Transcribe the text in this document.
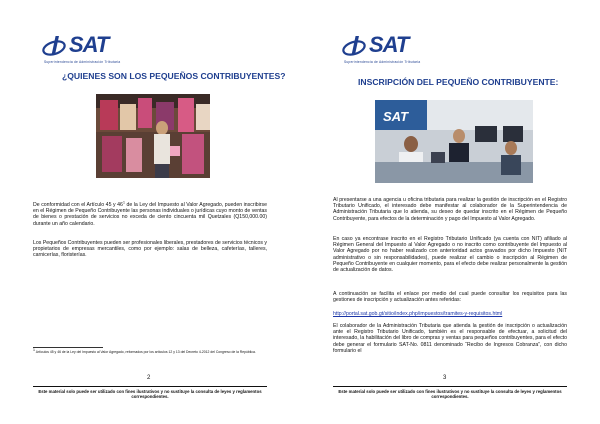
SAT
Superintendencia de Administración Tributaria
¿QUIENES SON LOS PEQUEÑOS CONTRIBUYENTES?

De conformidad con el Artículo 45 y $46^1$ de la Ley del Impuesto al Valor Agregado, pueden inscribirse en el Régimen de Pequeño Contribuyente las personas individuales o jurídicas cuyo monto de ventas de bienes o prestación de servicios no exceda de ciento cincuenta mil Quetzales (Q150,000.00) durante un año calendario.

Los Pequeños Contribuyentes pueden ser profesionales liberales, prestadores de servicios técnicos y propietarios de empresas mercantiles, como por ejemplo: salas de belleza, cafeterías, talleres, carnicerías, floristerías.

1 Artículos 45 y 46 de la Ley del Impuesto al Valor Agregado, reformados por los artículos 12 y 13 del Decreto 4-2012 del Congreso de la República.
2
Este material solo puede ser utilizado con fines ilustrativos y no sustituye la consulta de leyes y reglamentos correspondientes.
SAT
Superintendencia de Administración Tributaria
INSCRIPCIÓN DEL PEQUEÑO CONTRIBUYENTE:
SAT

Al presentarse a una agencia u oficina tributaria para realizar la gestión de inscripción en el Registro Tributario Unificado, el interesado debe manifestar al colaborador de la Superintendencia de Administración Tributaria que lo atienda, su deseo de quedar inscrito en el Régimen de Pequeño Contribuyente, para efectos de la determinación y pago del Impuesto al Valor Agregado.

En caso ya encontrase inscrito en el Registro Tributario Unificado (ya cuenta con NIT) afiliado al Régimen General del Impuesto al Valor Agregado o no inscrito como contribuyente del Impuesto al Valor Agregado por no haber realizado con anterioridad actos gravados por dicho Impuesto (NIT administrativo o sin responsabilidades), puede realizar el cambio o inscripción al Régimen de Pequeño Contribuyente en cualquier momento, para el efecto debe realizar personalmente la gestión de actualización de datos.

A continuación se facilita el enlace por medio del cual puede consultar los requisitos para las gestiones de inscripción y actualización antes referidas:

http://portal.sat.gob.gt/sitio/index.php/impuestos/tramites-y-requisitos.html

El colaborador de la Administración Tributaria que atienda la gestión de inscripción o actualización ante el Registro Tributario Unificado, también es el responsable de efectuar, a solicitud del interesado, la habilitación del libro de compras y ventas para pequeños contribuyentes, para el efecto debe generar el formulario SAT-No. 0811 denominado “Recibo de Ingresos Cobranza”, con dicho formulario el

3
Este material solo puede ser utilizado con fines ilustrativos y no sustituye la consulta de leyes y reglamentos correspondientes.
